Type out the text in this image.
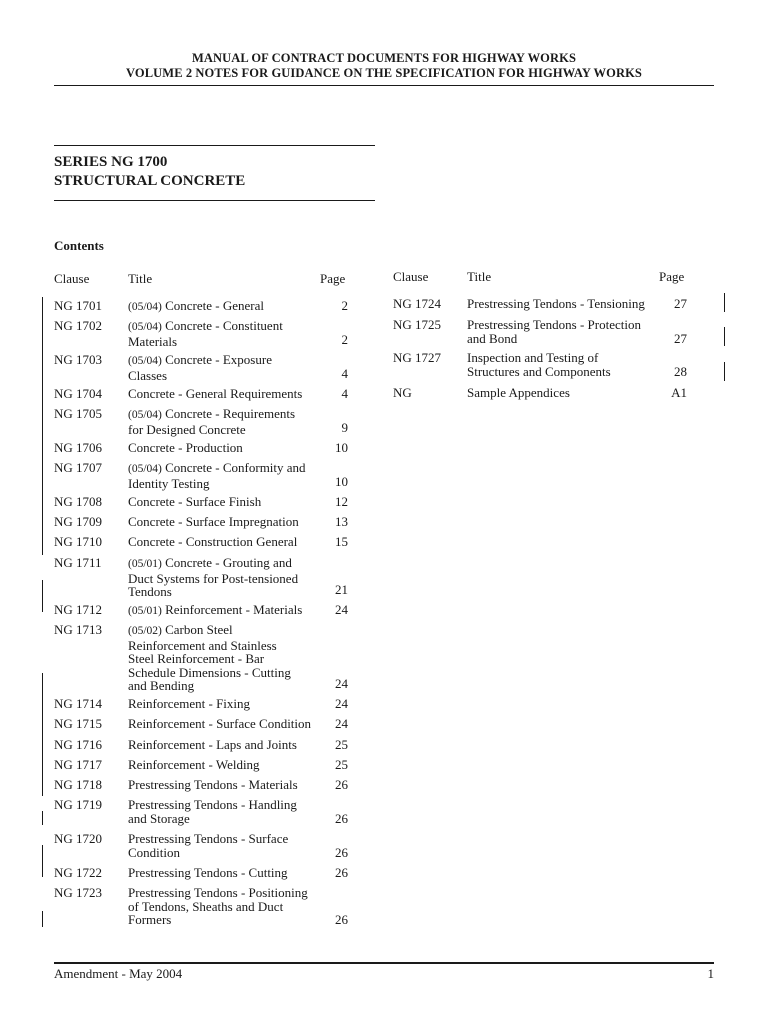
MANUAL OF CONTRACT DOCUMENTS FOR HIGHWAY WORKS
VOLUME 2 NOTES FOR GUIDANCE ON THE SPECIFICATION FOR HIGHWAY WORKS
SERIES NG 1700
STRUCTURAL CONCRETE
Contents
Clause	Title	Page	Clause	Title	Page
NG 1701 (05/04) Concrete - General	2
NG 1702 (05/04) Concrete - Constituent
Materials	2
NG 1703 (05/04) Concrete - Exposure
Classes	4
NG 1704 Concrete - General Requirements	4
NG 1705 (05/04) Concrete - Requirements
for Designed Concrete	9
NG 1706 Concrete - Production	10
NG 1707 (05/04) Concrete - Conformity and
Identity Testing	10
NG 1708 Concrete - Surface Finish	12
NG 1709 Concrete - Surface Impregnation	13
NG 1710 Concrete - Construction General	15
NG 1711 (05/01) Concrete - Grouting and
Duct Systems for Post-tensioned
Tendons	21
NG 1712 (05/01) Reinforcement - Materials	24
NG 1713 (05/02) Carbon Steel
Reinforcement and Stainless
Steel Reinforcement - Bar
Schedule Dimensions - Cutting
and Bending	24
NG 1714 Reinforcement - Fixing	24
NG 1715 Reinforcement - Surface Condition	24
NG 1716 Reinforcement - Laps and Joints	25
NG 1717 Reinforcement - Welding	25
NG 1718 Prestressing Tendons - Materials	26
NG 1719 Prestressing Tendons - Handling
and Storage	26
NG 1720 Prestressing Tendons - Surface
Condition	26
NG 1722 Prestressing Tendons - Cutting	26
NG 1723 Prestressing Tendons - Positioning
of Tendons, Sheaths and Duct
Formers	26
NG 1724 Prestressing Tendons - Tensioning	27
NG 1725 Prestressing Tendons - Protection
and Bond	27
NG 1727 Inspection and Testing of
Structures and Components	28
NG	Sample Appendices	A1
Amendment - May 2004	1
